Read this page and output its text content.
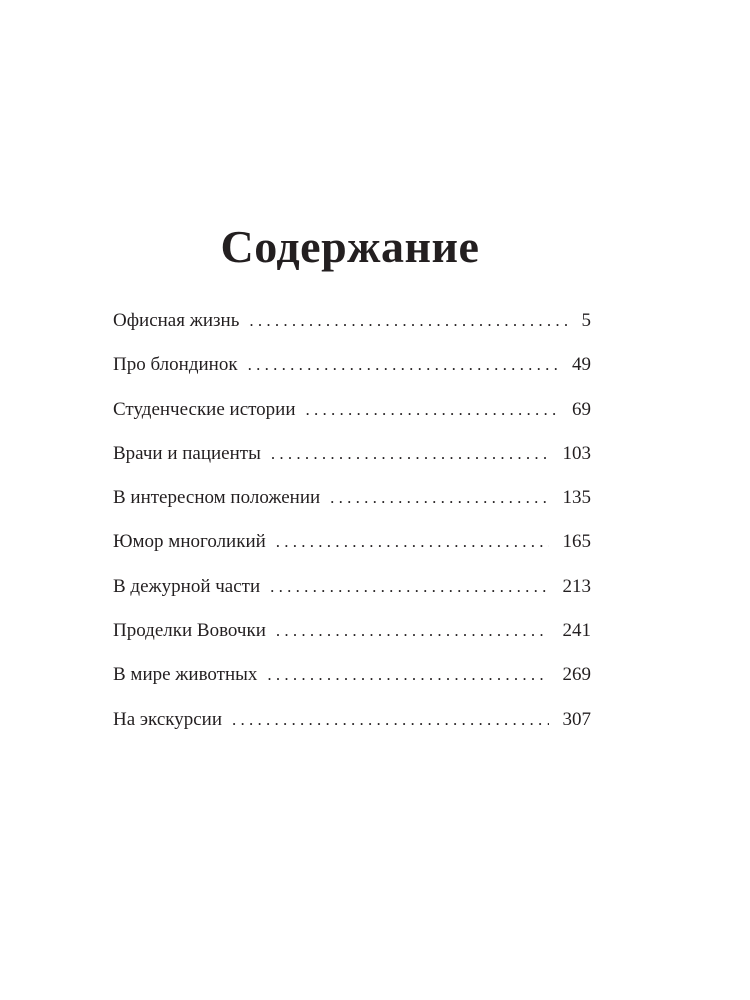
Содержание
Офисная жизнь . . .	5
Про блондинок . . .	49
Студенческие истории . . .	69
Врачи и пациенты . . .	103
В интересном положении . . .	135
Юмор многоликий . . .	165
В дежурной части . . .	213
Проделки Вовочки . . .	241
В мире животных . . .	269
На экскурсии . . .	307
